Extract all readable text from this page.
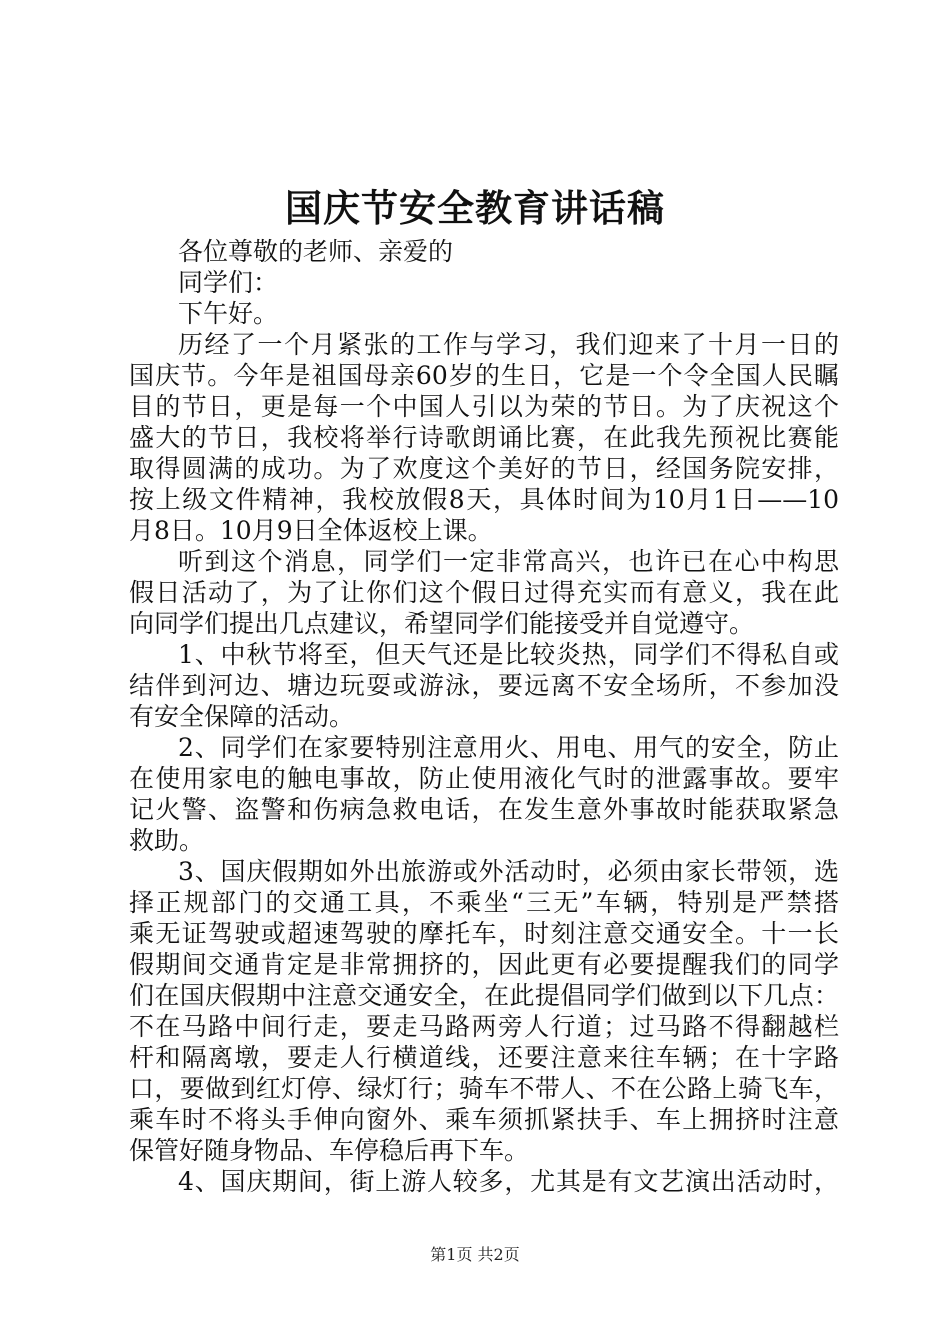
国庆节安全教育讲话稿
各位尊敬的老师、亲爱的
同学们：
下午好。
历经了一个月紧张的工作与学习，我们迎来了十月一日的
国庆节。今年是祖国母亲60岁的生日，它是一个令全国人民瞩
目的节日，更是每一个中国人引以为荣的节日。为了庆祝这个
盛大的节日，我校将举行诗歌朗诵比赛，在此我先预祝比赛能
取得圆满的成功。为了欢度这个美好的节日，经国务院安排，
按上级文件精神，我校放假8天，具体时间为10月1日——10
月8日。10月9日全体返校上课。
听到这个消息，同学们一定非常高兴，也许已在心中构思
假日活动了，为了让你们这个假日过得充实而有意义，我在此
向同学们提出几点建议，希望同学们能接受并自觉遵守。
1、中秋节将至，但天气还是比较炎热，同学们不得私自或
结伴到河边、塘边玩耍或游泳，要远离不安全场所，不参加没
有安全保障的活动。
2、同学们在家要特别注意用火、用电、用气的安全，防止
在使用家电的触电事故，防止使用液化气时的泄露事故。要牢
记火警、盗警和伤病急救电话，在发生意外事故时能获取紧急
救助。
3、国庆假期如外出旅游或外活动时，必须由家长带领，选
择正规部门的交通工具，不乘坐“三无”车辆，特别是严禁搭
乘无证驾驶或超速驾驶的摩托车，时刻注意交通安全。十一长
假期间交通肯定是非常拥挤的，因此更有必要提醒我们的同学
们在国庆假期中注意交通安全，在此提倡同学们做到以下几点：
不在马路中间行走，要走马路两旁人行道；过马路不得翻越栏
杆和隔离墩，要走人行横道线，还要注意来往车辆；在十字路
口，要做到红灯停、绿灯行；骑车不带人、不在公路上骑飞车，
乘车时不将头手伸向窗外、乘车须抓紧扶手、车上拥挤时注意
保管好随身物品、车停稳后再下车。
4、国庆期间，街上游人较多，尤其是有文艺演出活动时，
第1页 共2页
